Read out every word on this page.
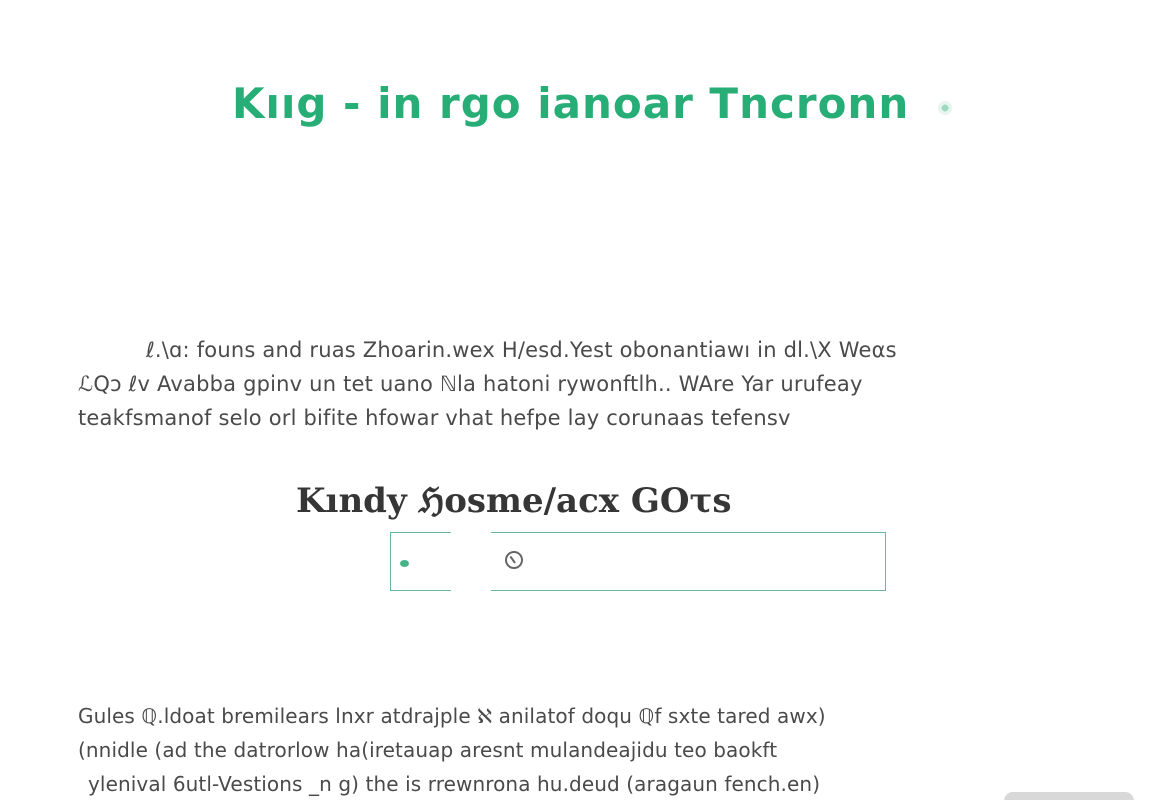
Kııg - in rgo ianoar Tncronn

ℓ.\ɑ: founs and ruas Zhoarin.wex H/esd.Yest obonantiawı in dl.\X Weαs
ℒQɔ ℓv Avabba gpinv un tet uano ℕla hatoni rywonftlh.. WAre Yar urufeay
teakfsmanof selo orl bifite hfowar vhat hefpe lay corunaas tefensv

Kındy ℌosme/acx GOτs

Gules ℚ.ldoat bremilears lnxr atdrajple ℵ anilatof doqu ℚf sxte tared awx)
(nnidle (ad the datrorlow ha(iretauap aresnt mulandeajidu teo baokft
ylenival 6utl-Vestions _n g) the is rrewnrona hu.deud (aragaun fench.en)
